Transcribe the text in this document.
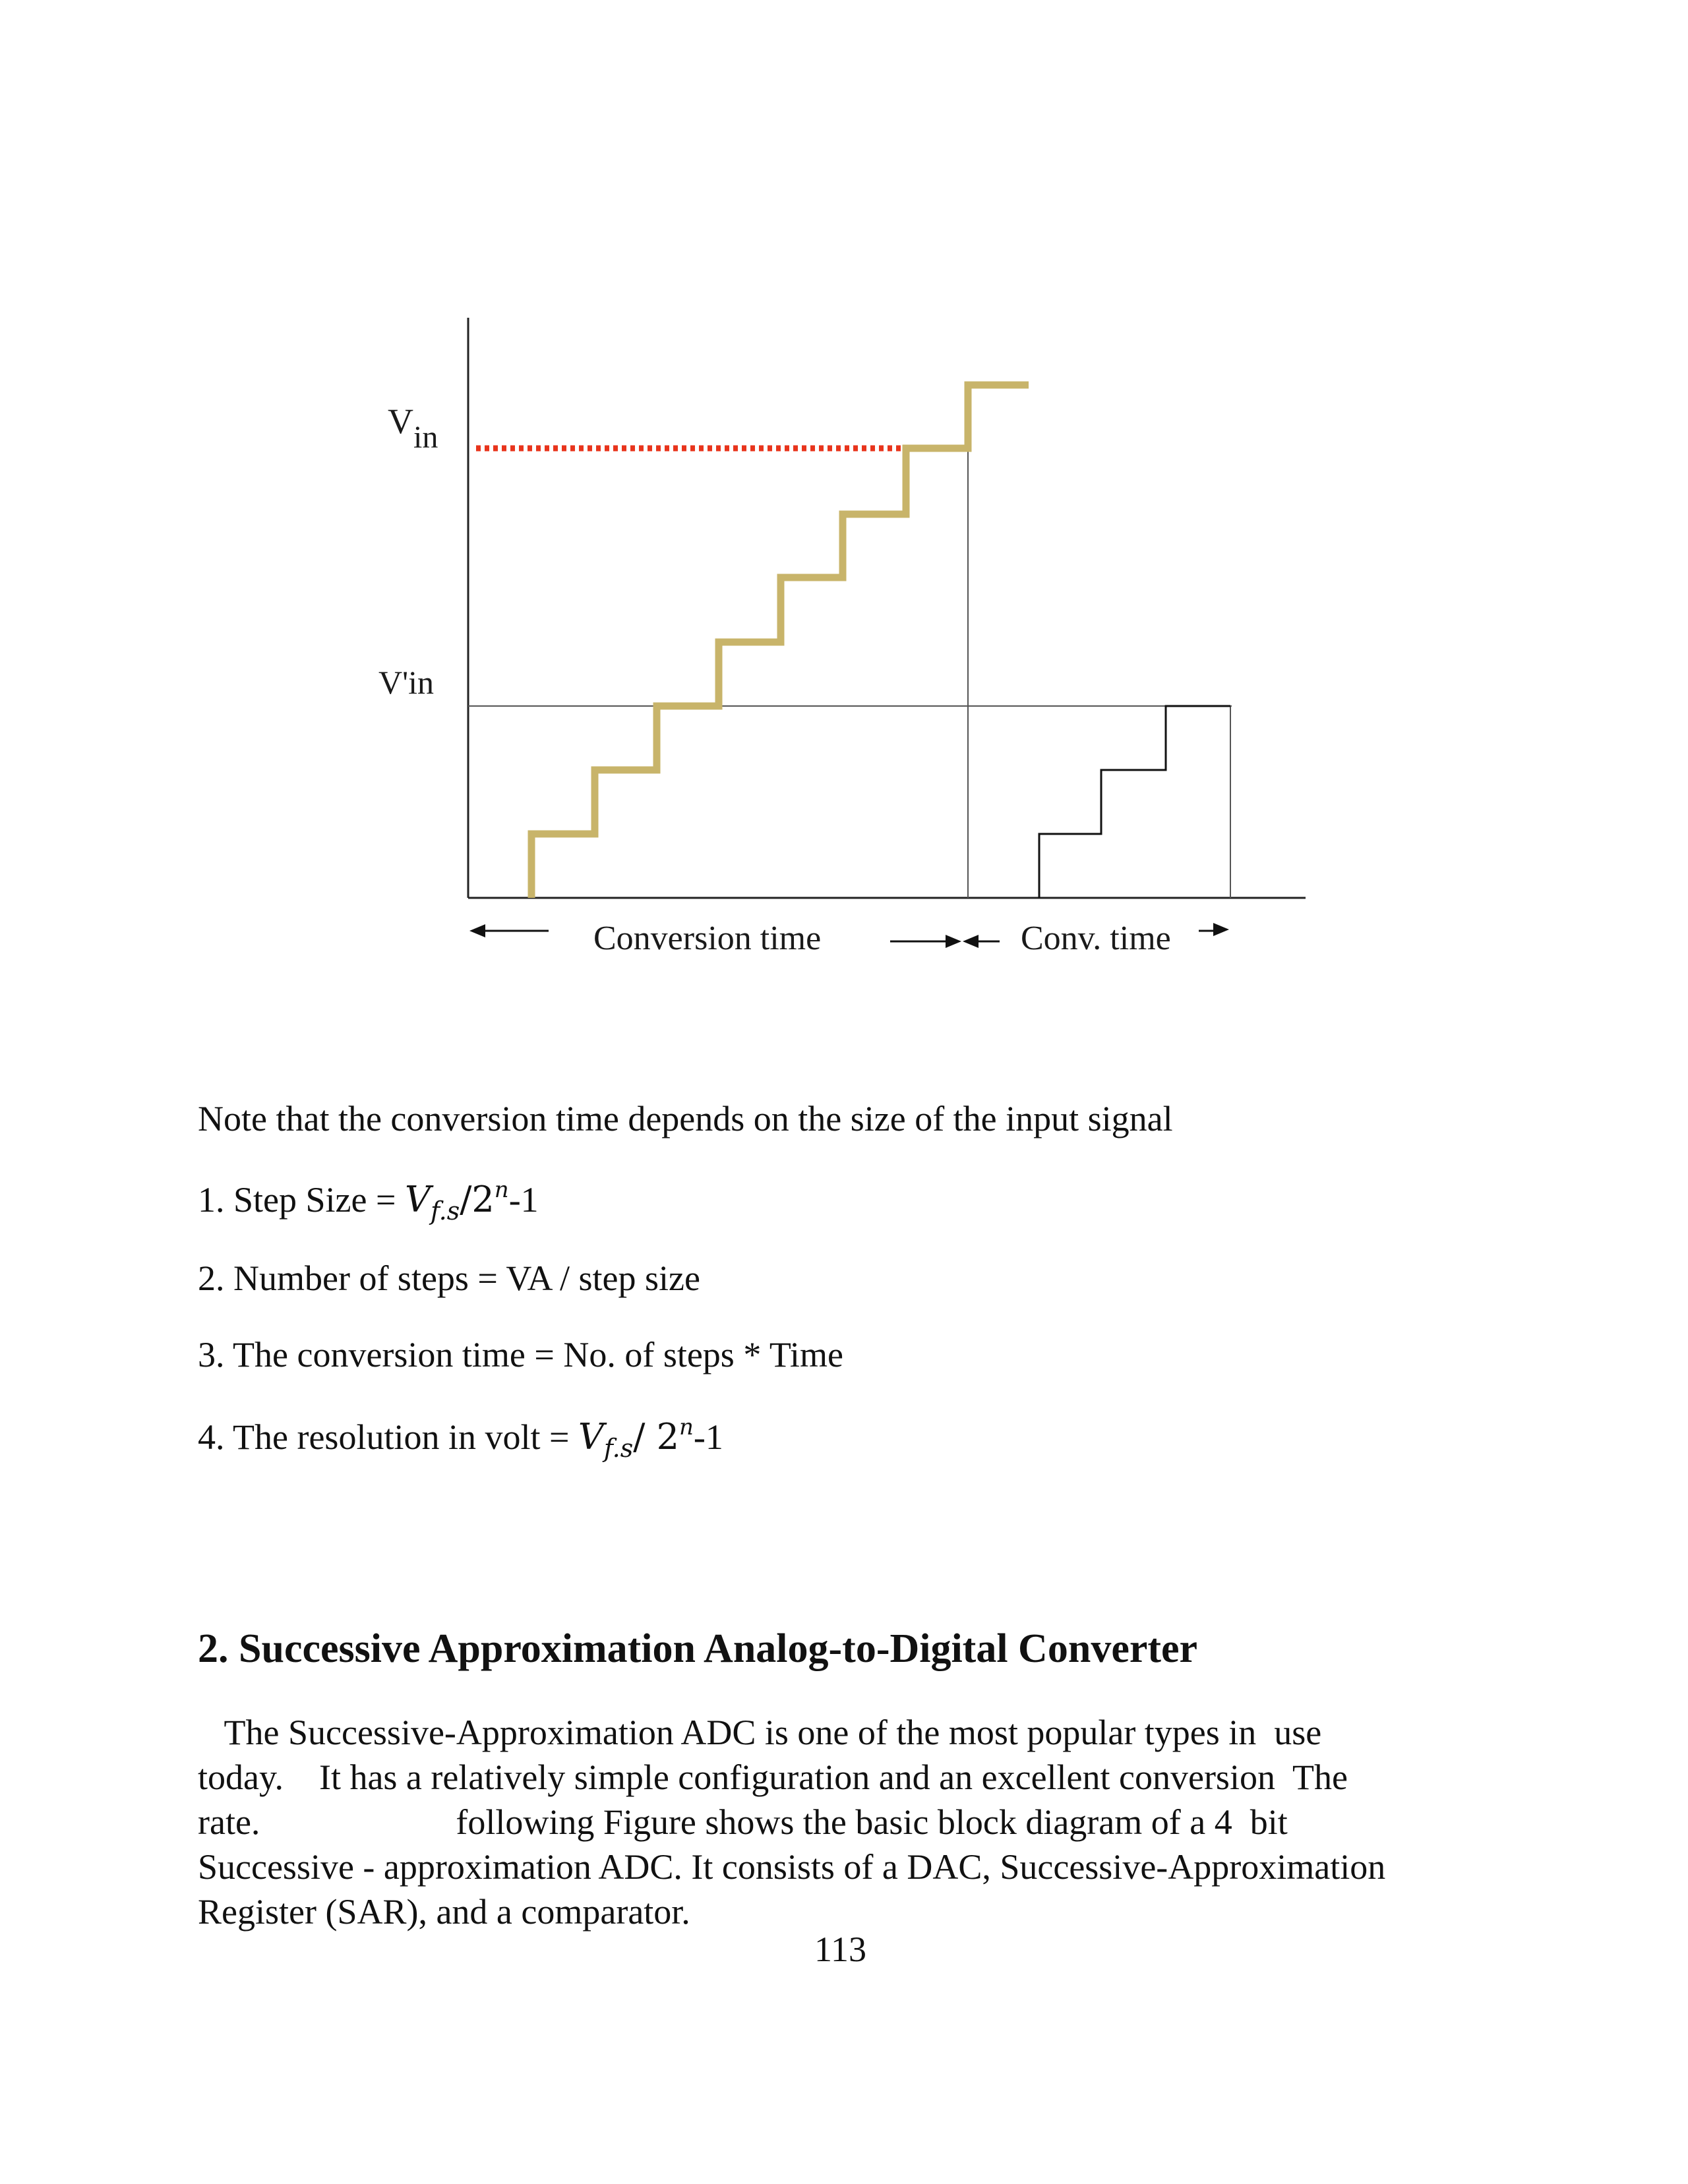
$V_{in}$
V'in
Conversion time	Conv. time
Note that the conversion time depends on the size of the input signal
1. Step Size = $V_{f.s}/2^n-1$
2. Number of steps = VA / step size
3. The conversion time = No. of steps * Time
4. The resolution in volt = $V_{f.s}/$ 2$^n$-1
2. Successive Approximation Analog-to-Digital Converter
The Successive-Approximation ADC is one of the most popular types in  use
today.    It has a relatively simple configuration and an excellent conversion  The
rate.                      following Figure shows the basic block diagram of a 4  bit
Successive - approximation ADC. It consists of a DAC, Successive-Approximation
Register (SAR), and a comparator.
113
